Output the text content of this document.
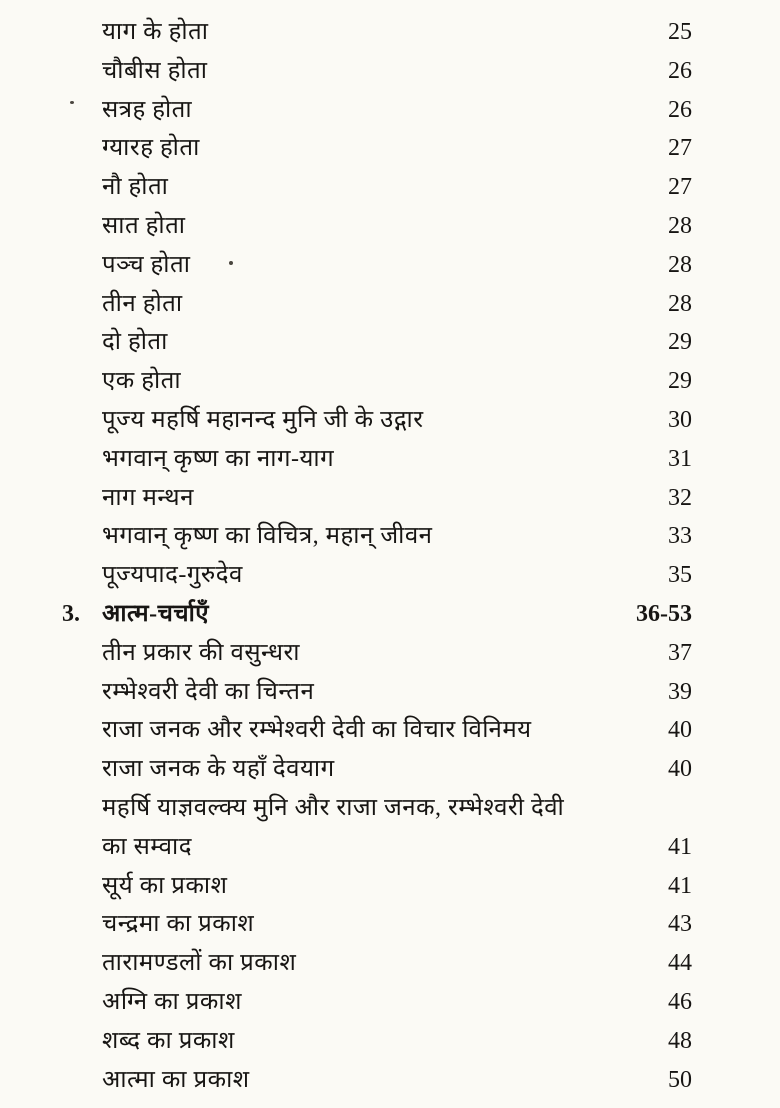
याग के होता	25
चौबीस होता	26
सत्रह होता	26
ग्यारह होता	27
नौ होता	27
सात होता	28
पञ्च होता	28
तीन होता	28
दो होता	29
एक होता	29
पूज्य महर्षि महानन्द मुनि जी के उद्गार	30
भगवान् कृष्ण का नाग-याग	31
नाग मन्थन	32
भगवान् कृष्ण का विचित्र, महान् जीवन	33
पूज्यपाद-गुरुदेव	35
3. आत्म-चर्चाएँ	36-53
तीन प्रकार की वसुन्धरा	37
रम्भेश्वरी देवी का चिन्तन	39
राजा जनक और रम्भेश्वरी देवी का विचार विनिमय	40
राजा जनक के यहाँ देवयाग	40
महर्षि याज्ञवल्क्य मुनि और राजा जनक, रम्भेश्वरी देवी
का सम्वाद	41
सूर्य का प्रकाश	41
चन्द्रमा का प्रकाश	43
तारामण्डलों का प्रकाश	44
अग्नि का प्रकाश	46
शब्द का प्रकाश	48
आत्मा का प्रकाश	50
